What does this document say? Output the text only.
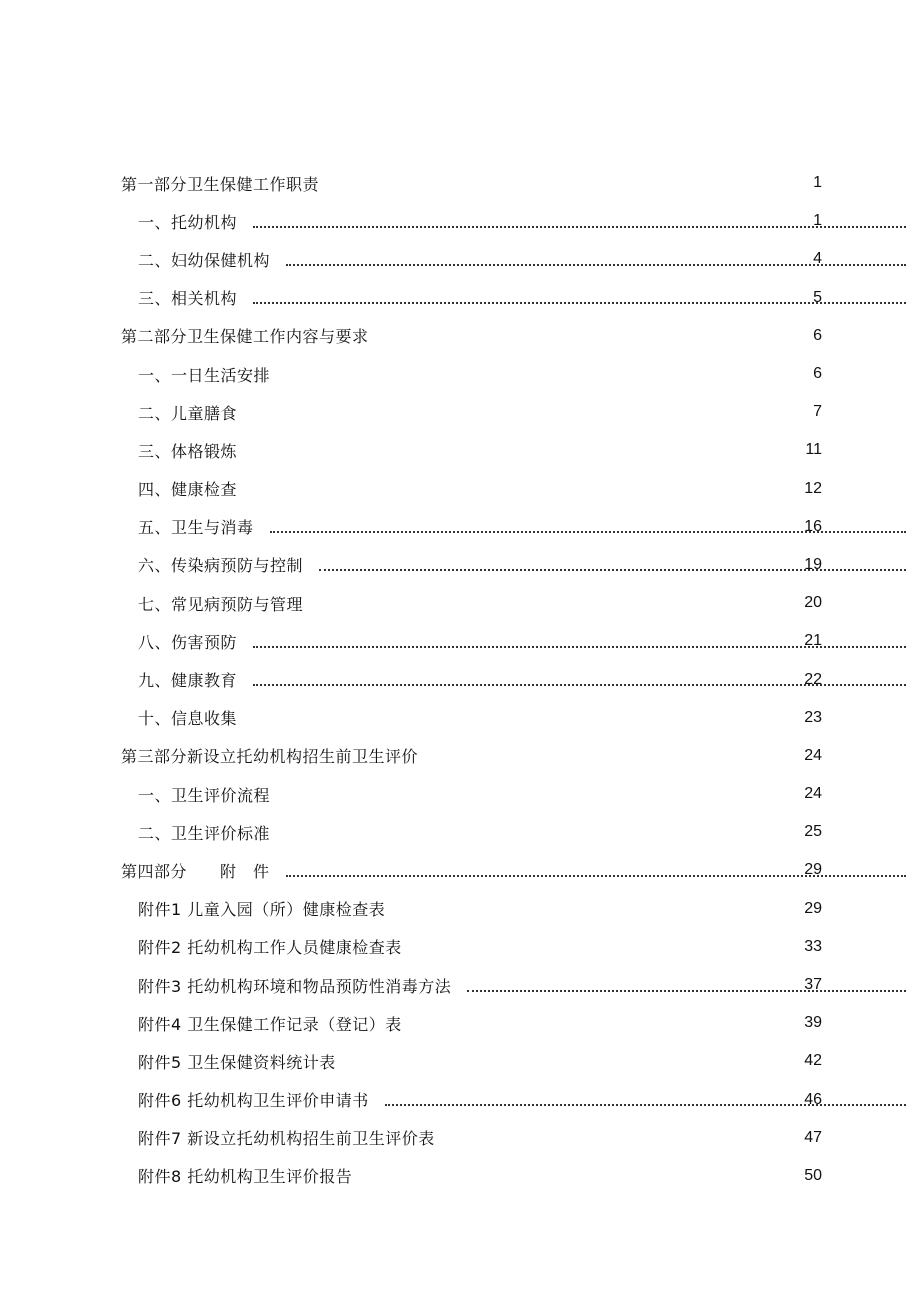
第一部分卫生保健工作职责	1
一、托幼机构	1
二、妇幼保健机构	4
三、相关机构	5
第二部分卫生保健工作内容与要求	6
一、一日生活安排	6
二、儿童膳食	7
三、体格锻炼	11
四、健康检查	12
五、卫生与消毒	16
六、传染病预防与控制	19
七、常见病预防与管理	20
八、伤害预防	21
九、健康教育	22
十、信息收集	23
第三部分新设立托幼机构招生前卫生评价	24
一、卫生评价流程	24
二、卫生评价标准	25
第四部分　　附　件	29
附件1 儿童入园（所）健康检查表	29
附件2 托幼机构工作人员健康检查表	33
附件3 托幼机构环境和物品预防性消毒方法	37
附件4 卫生保健工作记录（登记）表	39
附件5 卫生保健资料统计表	42
附件6 托幼机构卫生评价申请书	46
附件7 新设立托幼机构招生前卫生评价表	47
附件8 托幼机构卫生评价报告	50
